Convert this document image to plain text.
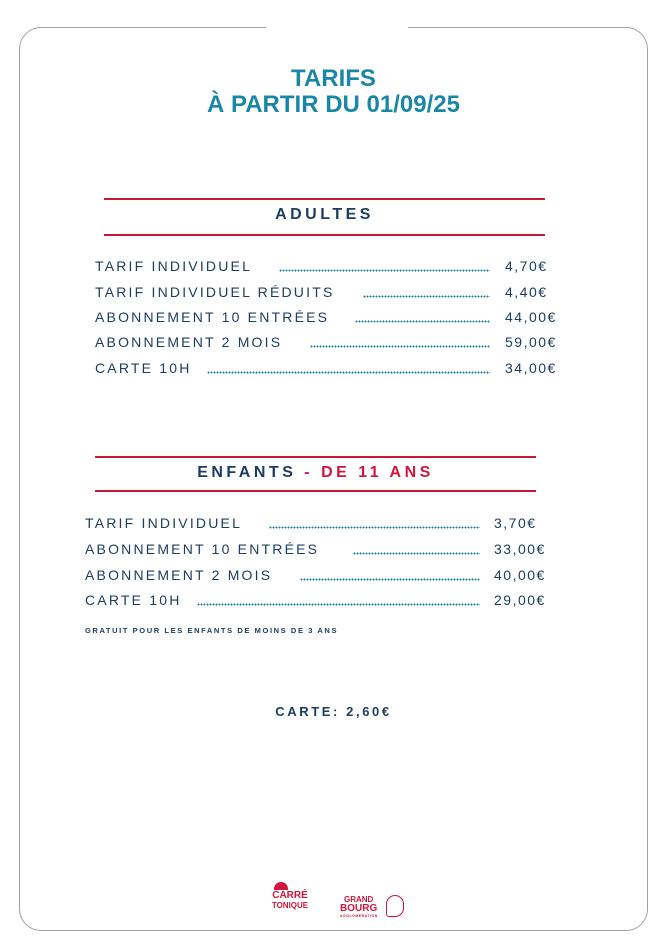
TARIFS
À PARTIR DU 01/09/25
ADULTES
TARIF INDIVIDUEL	4,70€
TARIF INDIVIDUEL RÉDUITS	4,40€
ABONNEMENT 10 ENTRÉES	44,00€
ABONNEMENT 2 MOIS	59,00€
CARTE 10H	34,00€
ENFANTS - DE 11 ANS
TARIF INDIVIDUEL	3,70€
ABONNEMENT 10 ENTRÉES	33,00€
ABONNEMENT 2 MOIS	40,00€
CARTE 10H	29,00€
GRATUIT POUR LES ENFANTS DE MOINS DE 3 ANS
CARTE: 2,60€
CARRÉ
TONIQUE
GRAND
BOURG
AGGLOMÉRATION
